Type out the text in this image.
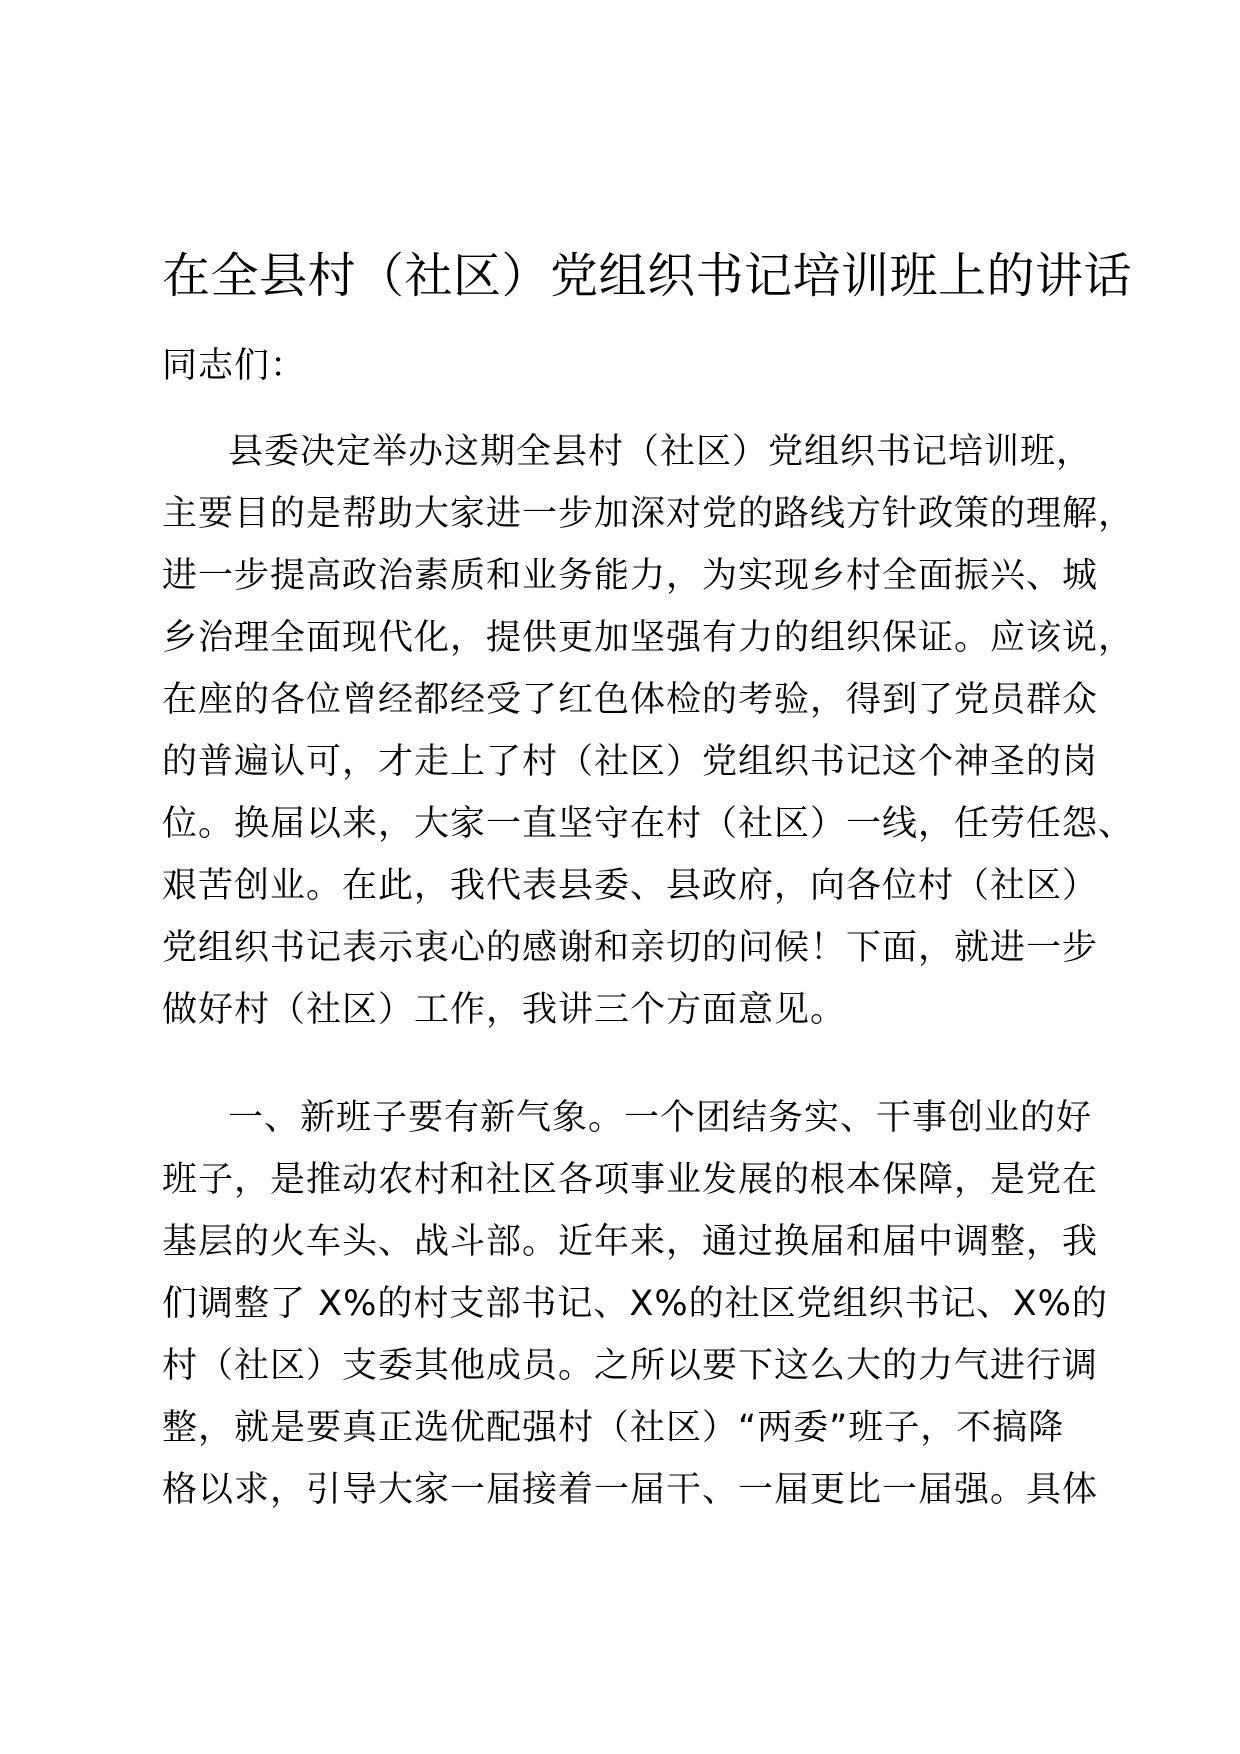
在全县村（社区）党组织书记培训班上的讲话

同志们：

县委决定举办这期全县村（社区）党组织书记培训班，

主要目的是帮助大家进一步加深对党的路线方针政策的理解，

进一步提高政治素质和业务能力，为实现乡村全面振兴、城

乡治理全面现代化，提供更加坚强有力的组织保证。应该说，

在座的各位曾经都经受了红色体检的考验，得到了党员群众

的普遍认可，才走上了村（社区）党组织书记这个神圣的岗

位。换届以来，大家一直坚守在村（社区）一线，任劳任怨、

艰苦创业。在此，我代表县委、县政府，向各位村（社区）

党组织书记表示衷心的感谢和亲切的问候！下面，就进一步

做好村（社区）工作，我讲三个方面意见。

一、新班子要有新气象。一个团结务实、干事创业的好

班子，是推动农村和社区各项事业发展的根本保障，是党在

基层的火车头、战斗部。近年来，通过换届和届中调整，我

们调整了 X%的村支部书记、X%的社区党组织书记、X%的

村（社区）支委其他成员。之所以要下这么大的力气进行调

整，就是要真正选优配强村（社区）“两委”班子，不搞降

格以求，引导大家一届接着一届干、一届更比一届强。具体
